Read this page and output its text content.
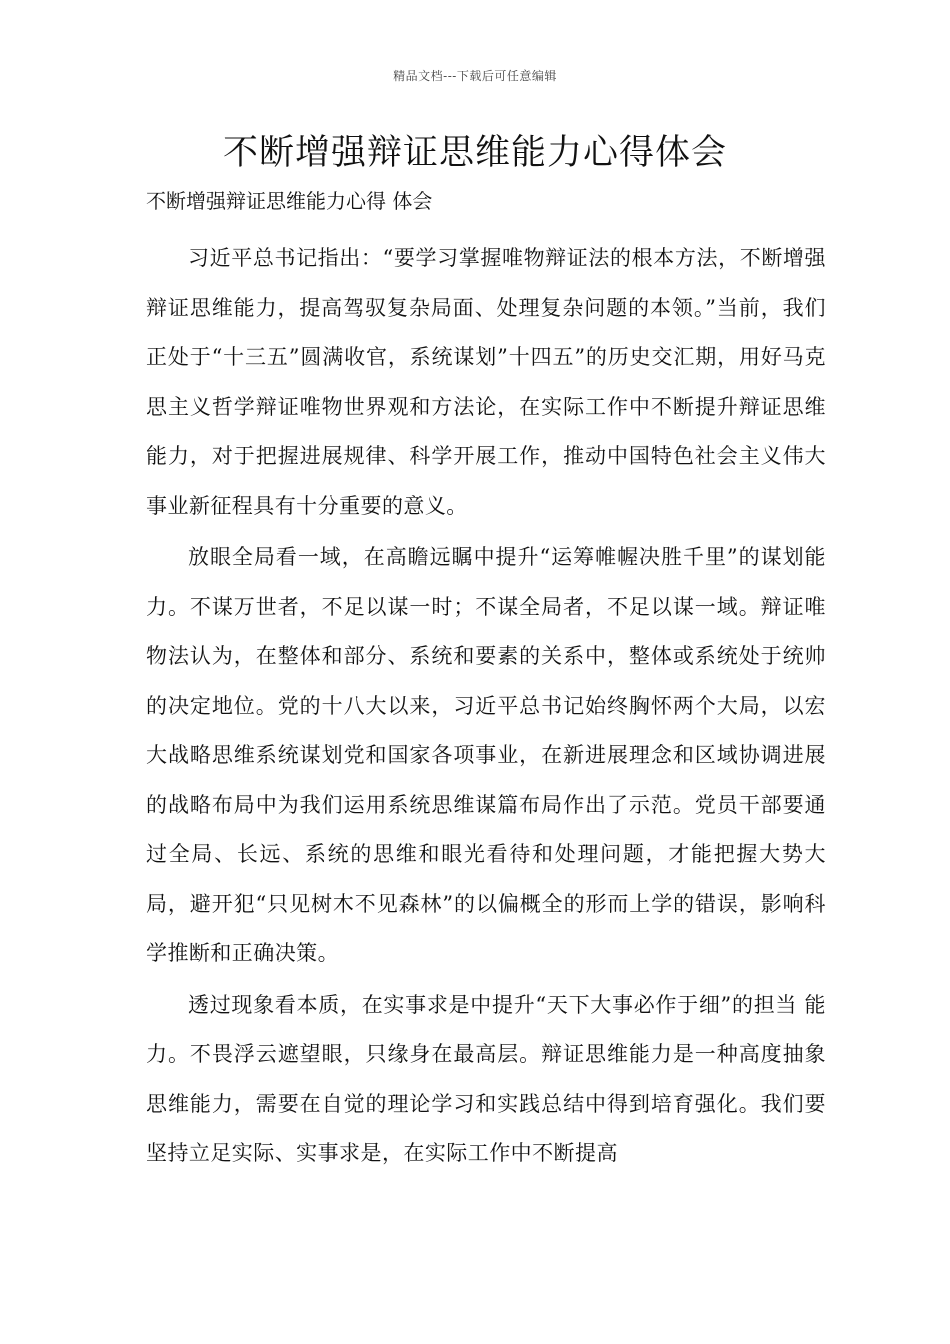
精品文档---下载后可任意编辑
不断增强辩证思维能力心得体会
不断增强辩证思维能力心得 体会

习近平总书记指出：“要学习掌握唯物辩证法的根本方法，不断增强辩证思维能力，提高驾驭复杂局面、处理复杂问题的本领。”当前，我们正处于“十三五”圆满收官，系统谋划”十四五”的历史交汇期，用好马克思主义哲学辩证唯物世界观和方法论，在实际工作中不断提升辩证思维能力，对于把握进展规律、科学开展工作，推动中国特色社会主义伟大事业新征程具有十分重要的意义。

放眼全局看一域，在高瞻远瞩中提升“运筹帷幄决胜千里”的谋划能力。不谋万世者，不足以谋一时；不谋全局者，不足以谋一域。辩证唯物法认为，在整体和部分、系统和要素的关系中，整体或系统处于统帅的决定地位。党的十八大以来，习近平总书记始终胸怀两个大局，以宏大战略思维系统谋划党和国家各项事业，在新进展理念和区域协调进展的战略布局中为我们运用系统思维谋篇布局作出了示范。党员干部要通过全局、长远、系统的思维和眼光看待和处理问题，才能把握大势大局，避开犯“只见树木不见森林”的以偏概全的形而上学的错误，影响科学推断和正确决策。

透过现象看本质，在实事求是中提升“天下大事必作于细”的担当 能力。不畏浮云遮望眼，只缘身在最高层。辩证思维能力是一种高度抽象思维能力，需要在自觉的理论学习和实践总结中得到培育强化。我们要坚持立足实际、实事求是，在实际工作中不断提高
